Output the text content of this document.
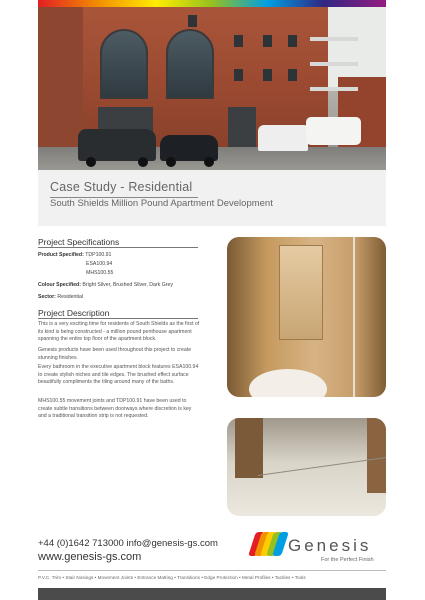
Case Study - Residential
South Shields Million Pound Apartment Development
Project Specifications
Product Specified: TDP100.91
ESA100.94
MHS100.55
Colour Specified: Bright Silver, Brushed Silver, Dark Grey
Sector: Residential
Project Description
This is a very exciting time for residents of South Shields as the first of its kind is being constructed - a million pound penthouse apartment spanning the entire top floor of the apartment block.
Genesis products have been used throughout this project to create stunning finishes.
Every bathroom in the executive apartment block features ESA100.94 to create stylish niches and tile edges. The brushed effect surface beautifully compliments the tiling around many of the baths.
MHS100.55 movement joints and TDP100.91 have been used to create subtle transitions between doorways where discretion is key and a traditional transition strip is not requested.
+44 (0)1642 713000 info@genesis-gs.com
www.genesis-gs.com
Genesis
For the Perfect Finish
P.V.C. Trim • Stair Nosings • Movement Joints • Entrance Matting • Transitions • Edge Protection • Metal Profiles • Tactiles • Tools
